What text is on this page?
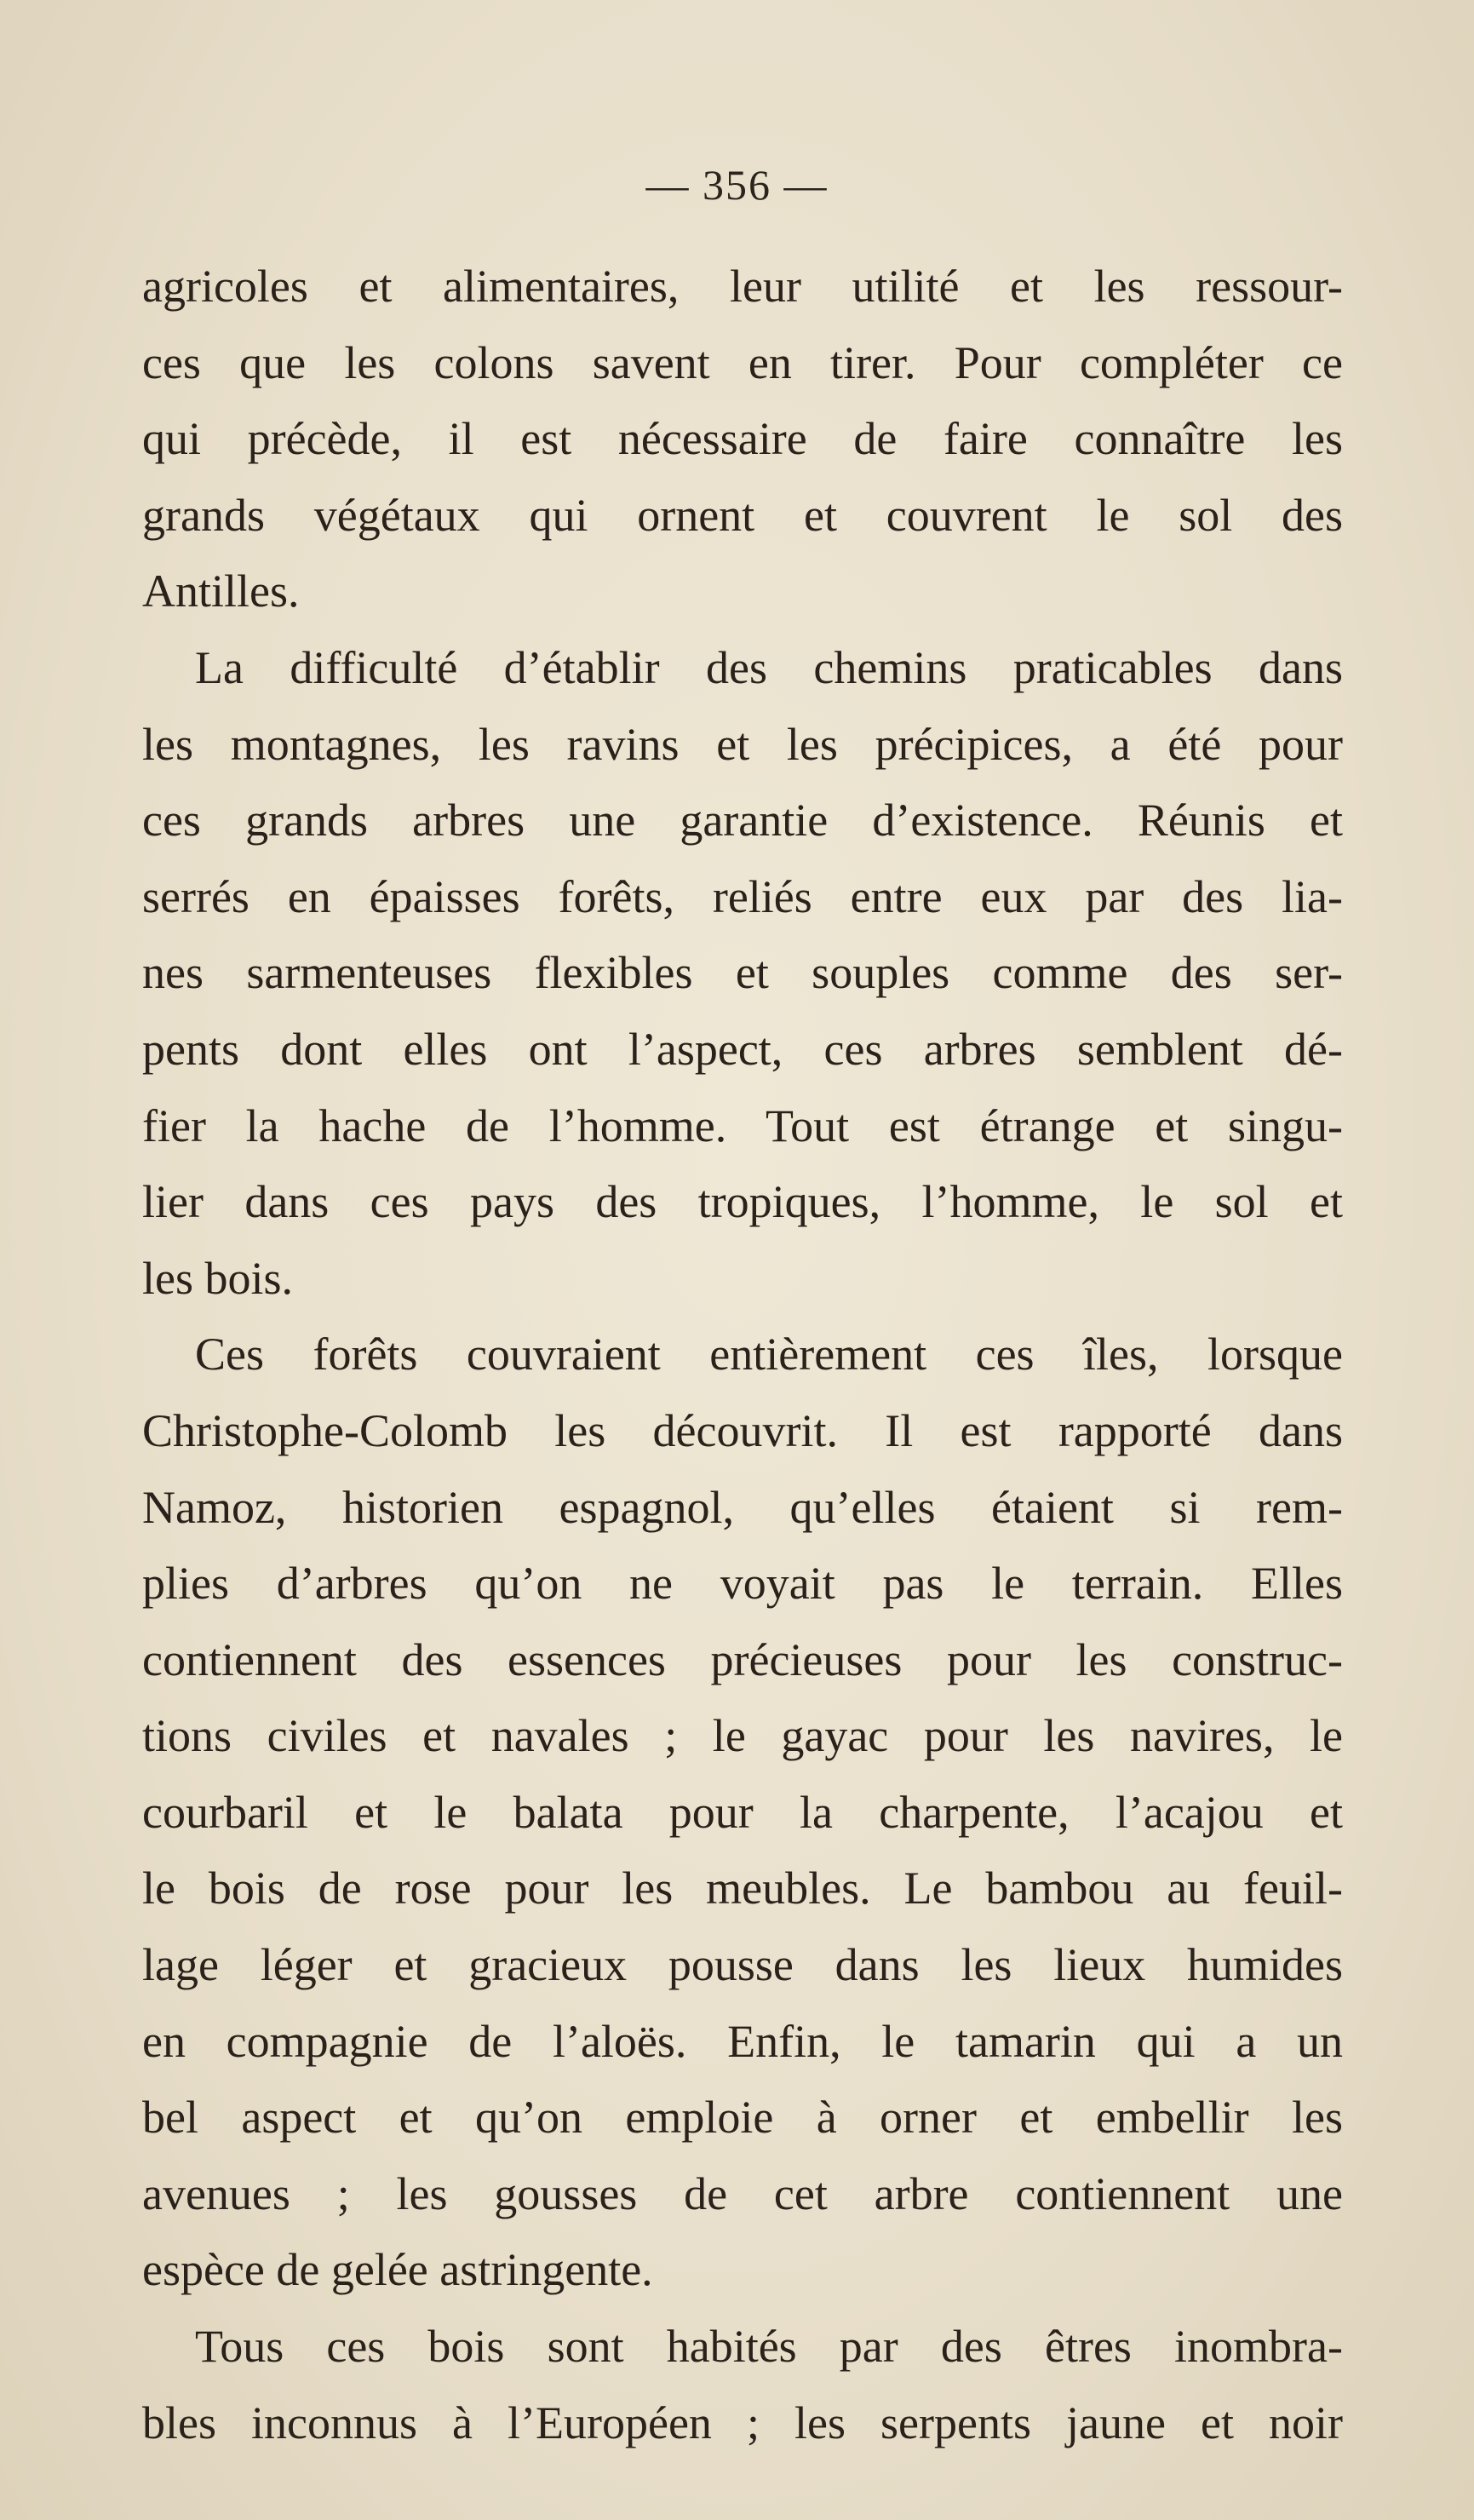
— 356 —
agricoles et alimentaires, leur utilité et les ressour-
ces que les colons savent en tirer. Pour compléter ce
qui précède, il est nécessaire de faire connaître les
grands végétaux qui ornent et couvrent le sol des
Antilles.
La difficulté d’établir des chemins praticables dans
les montagnes, les ravins et les précipices, a été pour
ces grands arbres une garantie d’existence. Réunis et
serrés en épaisses forêts, reliés entre eux par des lia-
nes sarmenteuses flexibles et souples comme des ser-
pents dont elles ont l’aspect, ces arbres semblent dé-
fier la hache de l’homme. Tout est étrange et singu-
lier dans ces pays des tropiques, l’homme, le sol et
les bois.
Ces forêts couvraient entièrement ces îles, lorsque
Christophe-Colomb les découvrit. Il est rapporté dans
Namoz, historien espagnol, qu’elles étaient si rem-
plies d’arbres qu’on ne voyait pas le terrain. Elles
contiennent des essences précieuses pour les construc-
tions civiles et navales ; le gayac pour les navires, le
courbaril et le balata pour la charpente, l’acajou et
le bois de rose pour les meubles. Le bambou au feuil-
lage léger et gracieux pousse dans les lieux humides
en compagnie de l’aloës. Enfin, le tamarin qui a un
bel aspect et qu’on emploie à orner et embellir les
avenues ; les gousses de cet arbre contiennent une
espèce de gelée astringente.
Tous ces bois sont habités par des êtres inombra-
bles inconnus à l’Européen ; les serpents jaune et noir
